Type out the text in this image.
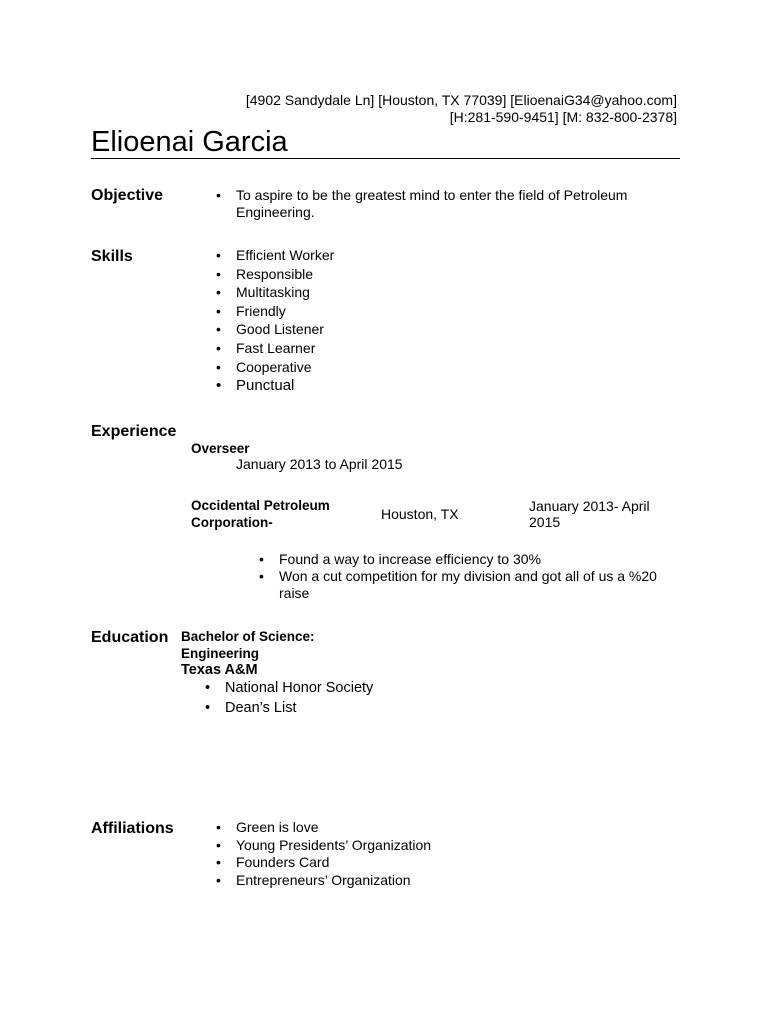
[4902 Sandydale Ln] [Houston, TX 77039] [ElioenaiG34@yahoo.com]
[H:281-590-9451] [M: 832-800-2378]
Elioenai Garcia
Objective	• To aspire to be the greatest mind to enter the field of Petroleum Engineering.
Skills	• Efficient Worker
• Responsible
• Multitasking
• Friendly
• Good Listener
• Fast Learner
• Cooperative
• Punctual
Experience
Overseer
January 2013 to April 2015
Occidental Petroleum
Corporation-
Houston, TX	January 2013- April
2015
• Found a way to increase efficiency to 30%
• Won a cut competition for my division and got all of us a %20 raise
Education Bachelor of Science:
Engineering
Texas A&M
• National Honor Society
• Dean’s List
Affiliations	• Green is love
• Young Presidents’ Organization
• Founders Card
• Entrepreneurs’ Organization
